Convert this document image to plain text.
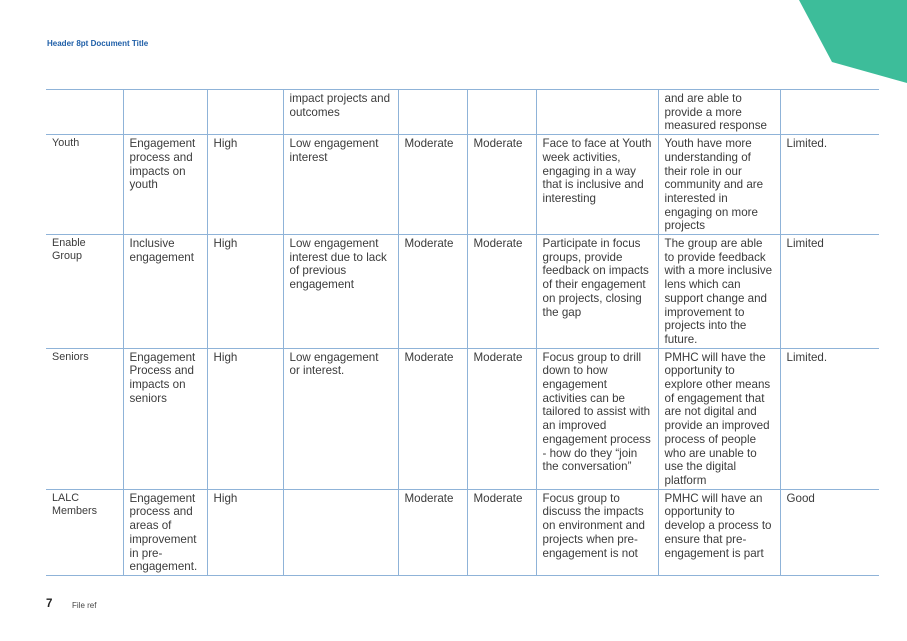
Header 8pt Document Title
			impact projects and outcomes				and are able to provide a more measured response	
Youth	Engagement process and impacts on youth	High	Low engagement interest	Moderate	Moderate	Face to face at Youth week activities, engaging in a way that is inclusive and interesting	Youth have more understanding of their role in our community and are interested in engaging on more projects	Limited.
Enable Group	Inclusive engagement	High	Low engagement interest due to lack of previous engagement	Moderate	Moderate	Participate in focus groups, provide feedback on impacts of their engagement on projects, closing the gap	The group are able to provide feedback with a more inclusive lens which can support change and improvement to projects into the future.	Limited
Seniors	Engagement Process and impacts on seniors	High	Low engagement or interest.	Moderate	Moderate	Focus group to drill down to how engagement activities can be tailored to assist with an improved engagement process - how do they “join the conversation”	PMHC will have the opportunity to explore other means of engagement that are not digital and provide an improved process of people who are unable to use the digital platform	Limited.
LALC Members	Engagement process and areas of improvement in pre-engagement.	High		Moderate	Moderate	Focus group to discuss the impacts on environment and projects when pre-engagement is not	PMHC will have an opportunity to develop a process to ensure that pre-engagement is part	Good
7 File ref
